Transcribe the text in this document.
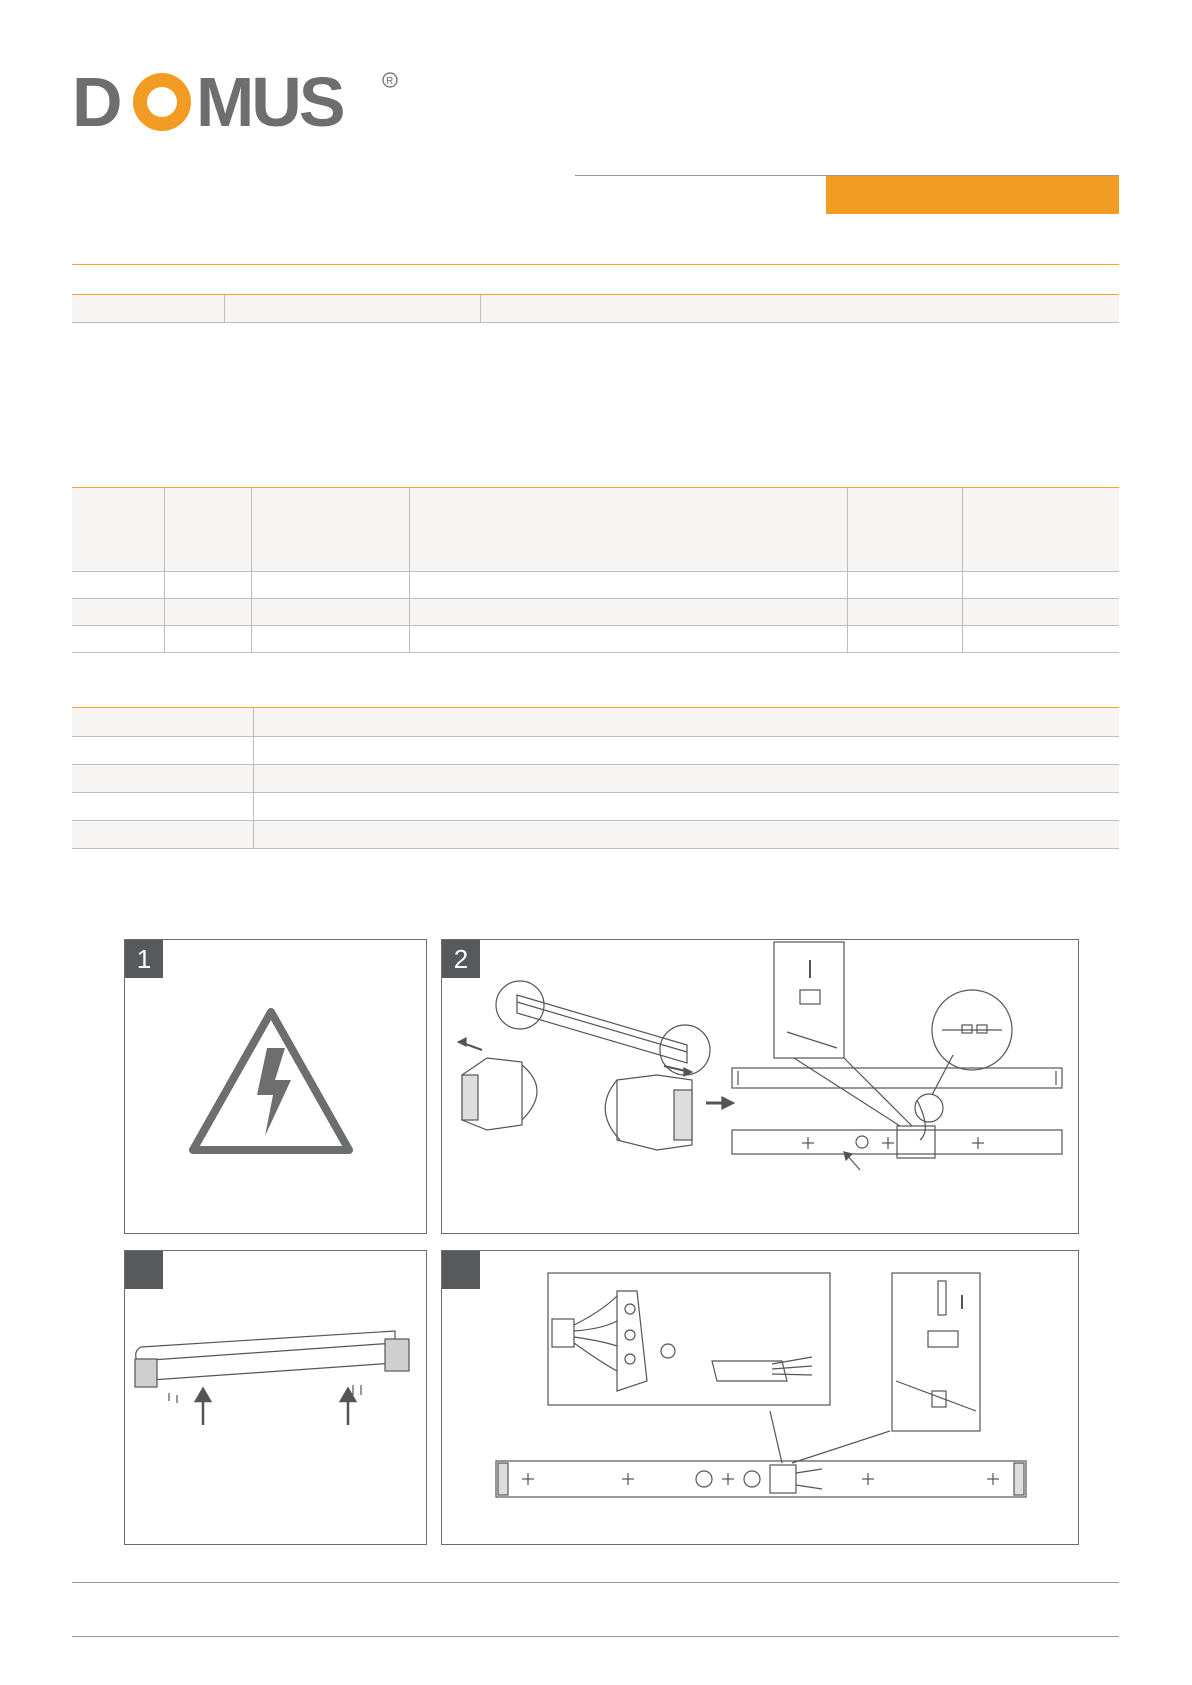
D MUS	R

1	2
